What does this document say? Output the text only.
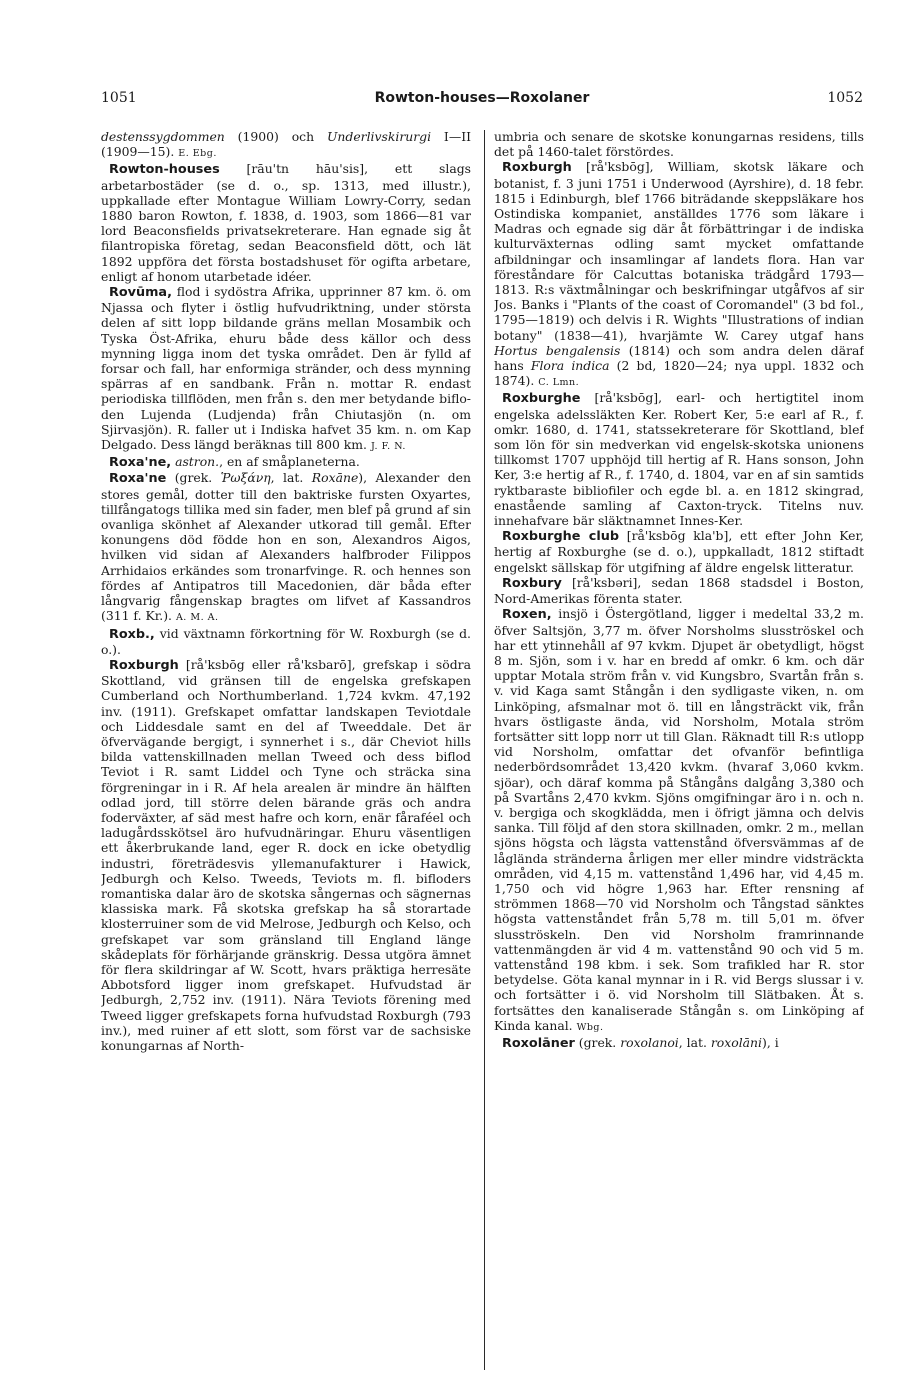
1051	Rowton-houses—Roxolaner	1052

destenssygdommen (1900) och Underlivskirurgi I—II (1909—15). E. Ebg.

Rowton-houses [rāu'tn hāu'sis], ett slags arbetarbostäder (se d. o., sp. 1313, med illustr.), uppkallade efter Montague William Lowry-Corry, sedan 1880 baron Rowton, f. 1838, d. 1903, som 1866—81 var lord Beaconsfields privatsekreterare. Han egnade sig åt filantropiska företag, sedan Beaconsfield dött, och lät 1892 uppföra det första bostadshuset för ogifta arbetare, enligt af honom utarbetade idéer.

Rovūma, flod i sydöstra Afrika, upprinner 87 km. ö. om Njassa och flyter i östlig hufvudriktning, under största delen af sitt lopp bildande gräns mellan Mosambik och Tyska Öst-Afrika, ehuru både dess källor och dess mynning ligga inom det tyska området. Den är fylld af forsar och fall, har enformiga stränder, och dess mynning spärras af en sandbank. Från n. mottar R. endast periodiska tillflöden, men från s. den mer betydande biflo- den Lujenda (Ludjenda) från Chiutasjön (n. om Sjirvasjön). R. faller ut i Indiska hafvet 35 km. n. om Kap Delgado. Dess längd beräknas till 800 km. J. F. N.

Roxa'ne, astron., en af småplaneterna.

Roxa'ne (grek. Ῥωξάνη, lat. Roxāne), Alexander den stores gemål, dotter till den baktriske fursten Oxyartes, tillfångatogs tillika med sin fader, men blef på grund af sin ovanliga skönhet af Alexander utkorad till gemål. Efter konungens död födde hon en son, Alexandros Aigos, hvilken vid sidan af Alexanders halfbroder Filippos Arrhidaios erkändes som tronarfvinge. R. och hennes son fördes af Antipatros till Macedonien, där båda efter långvarig fångenskap bragtes om lifvet af Kassandros (311 f. Kr.). A. M. A.

Roxb., vid växtnamn förkortning för W. Roxburgh (se d. o.).

Roxburgh [rå'ksbōg eller rå'ksbarō], grefskap i södra Skottland, vid gränsen till de engelska grefskapen Cumberland och Northumberland. 1,724 kvkm. 47,192 inv. (1911). Grefskapet omfattar landskapen Teviotdale och Liddesdale samt en del af Tweeddale. Det är öfvervägande bergigt, i synnerhet i s., där Cheviot hills bilda vattenskillnaden mellan Tweed och dess biflod Teviot i R. samt Liddel och Tyne och sträcka sina förgreningar in i R. Af hela arealen är mindre än hälften odlad jord, till större delen bärande gräs och andra foderväxter, af säd mest hafre och korn, enär fåraféel och ladugårdsskötsel äro hufvudnäringar. Ehuru väsentligen ett åkerbrukande land, eger R. dock en icke obetydlig industri, företrädesvis yllemanufakturer i Hawick, Jedburgh och Kelso. Tweeds, Teviots m. fl. bifloders romantiska dalar äro de skotska sångernas och sägnernas klassiska mark. Få skotska grefskap ha så storartade klosterruiner som de vid Melrose, Jedburgh och Kelso, och grefskapet var som gränsland till England länge skådeplats för förhärjande gränskrig. Dessa utgöra ämnet för flera skildringar af W. Scott, hvars präktiga herresäte Abbotsford ligger inom grefskapet. Hufvudstad är Jedburgh, 2,752 inv. (1911). Nära Teviots förening med Tweed ligger grefskapets forna hufvudstad Roxburgh (793 inv.), med ruiner af ett slott, som först var de sachsiske konungarnas af North-

umbria och senare de skotske konungarnas residens, tills det på 1460-talet förstördes.

Roxburgh [rå'ksbōg], William, skotsk läkare och botanist, f. 3 juni 1751 i Underwood (Ayrshire), d. 18 febr. 1815 i Edinburgh, blef 1766 biträdande skeppsläkare hos Ostindiska kompaniet, anställdes 1776 som läkare i Madras och egnade sig där åt förbättringar i de indiska kulturväxternas odling samt mycket omfattande afbildningar och insamlingar af landets flora. Han var föreståndare för Calcuttas botaniska trädgård 1793—1813. R:s växtmålningar och beskrifningar utgåfvos af sir Jos. Banks i "Plants of the coast of Coromandel" (3 bd fol., 1795—1819) och delvis i R. Wights "Illustrations of indian botany" (1838—41), hvarjämte W. Carey utgaf hans Hortus bengalensis (1814) och som andra delen däraf hans Flora indica (2 bd, 1820—24; nya uppl. 1832 och 1874). C. Lmn.

Roxburghe [rå'ksbōg], earl- och hertigtitel inom engelska adelssläkten Ker. Robert Ker, 5:e earl af R., f. omkr. 1680, d. 1741, statssekreterare för Skottland, blef som lön för sin medverkan vid engelsk-skotska unionens tillkomst 1707 upphöjd till hertig af R. Hans sonson, John Ker, 3:e hertig af R., f. 1740, d. 1804, var en af sin samtids ryktbaraste bibliofiler och egde bl. a. en 1812 skingrad, enastående samling af Caxton-tryck. Titelns nuv. innehafvare bär släktnamnet Innes-Ker.

Roxburghe club [rå'ksbōg kla'b], ett efter John Ker, hertig af Roxburghe (se d. o.), uppkalladt, 1812 stiftadt engelskt sällskap för utgifning af äldre engelsk litteratur.

Roxbury [rå'ksbəri], sedan 1868 stadsdel i Boston, Nord-Amerikas förenta stater.

Roxen, insjö i Östergötland, ligger i medeltal 33,2 m. öfver Saltsjön, 3,77 m. öfver Norsholms slusströskel och har ett ytinnehåll af 97 kvkm. Djupet är obetydligt, högst 8 m. Sjön, som i v. har en bredd af omkr. 6 km. och där upptar Motala ström från v. vid Kungsbro, Svartån från s. v. vid Kaga samt Stångån i den sydligaste viken, n. om Linköping, afsmalnar mot ö. till en långsträckt vik, från hvars östligaste ända, vid Norsholm, Motala ström fortsätter sitt lopp norr ut till Glan. Räknadt till R:s utlopp vid Norsholm, omfattar det ofvanför befintliga nederbördsområdet 13,420 kvkm. (hvaraf 3,060 kvkm. sjöar), och däraf komma på Stångåns dalgång 3,380 och på Svartåns 2,470 kvkm. Sjöns omgifningar äro i n. och n. v. bergiga och skogklädda, men i öfrigt jämna och delvis sanka. Till följd af den stora skillnaden, omkr. 2 m., mellan sjöns högsta och lägsta vattenstånd öfversvämmas af de låglända stränderna årligen mer eller mindre vidsträckta områden, vid 4,15 m. vattenstånd 1,496 har, vid 4,45 m. 1,750 och vid högre 1,963 har. Efter rensning af strömmen 1868—70 vid Norsholm och Tångstad sänktes högsta vattenståndet från 5,78 m. till 5,01 m. öfver slusströskeln. Den vid Norsholm framrinnande vattenmängden är vid 4 m. vattenstånd 90 och vid 5 m. vattenstånd 198 kbm. i sek. Som trafikled har R. stor betydelse. Göta kanal mynnar in i R. vid Bergs slussar i v. och fortsätter i ö. vid Norsholm till Slätbaken. Åt s. fortsättes den kanaliserade Stångån s. om Linköping af Kinda kanal. Wbg.

Roxolāner (grek. roxolanoi, lat. roxolāni), i
